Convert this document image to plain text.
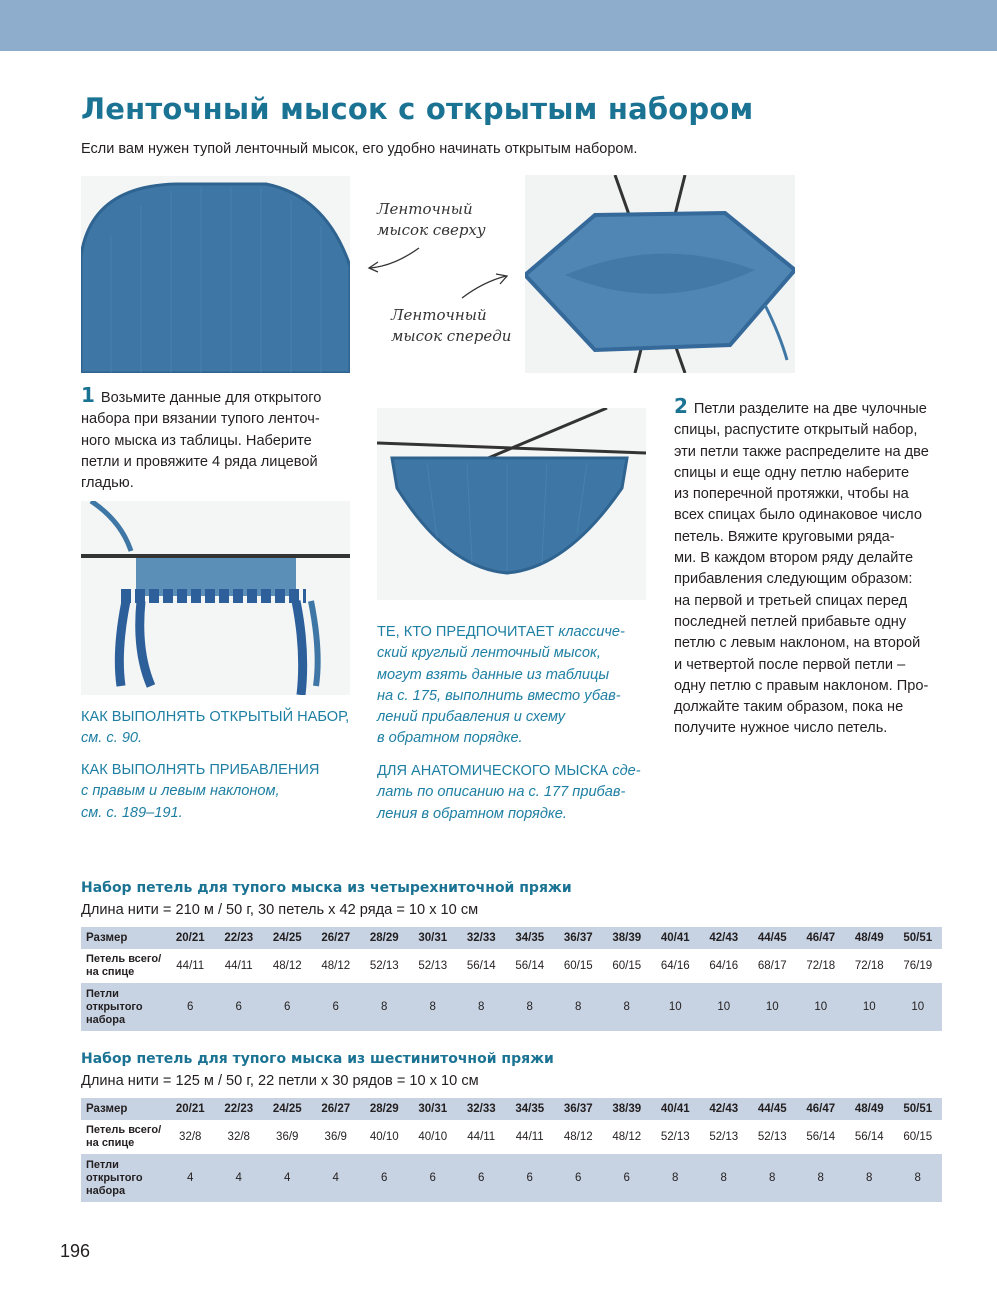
Ленточный мысок с открытым набором
Если вам нужен тупой ленточный мысок, его удобно начинать открытым набором.
Ленточный
мысок сверху
Ленточный
мысок спереди
1 Возьмите данные для открытого
набора при вязании тупого ленточ-
ного мыска из таблицы. Наберите
петли и провяжите 4 ряда лицевой
гладью.
КАК ВЫПОЛНЯТЬ ОТКРЫТЫЙ НАБОР,
см. с. 90.
КАК ВЫПОЛНЯТЬ ПРИБАВЛЕНИЯ
с правым и левым наклоном,
см. с. 189–191.
ТЕ, КТО ПРЕДПОЧИТАЕТ классиче-
ский круглый ленточный мысок,
могут взять данные из таблицы
на с. 175, выполнить вместо убав-
лений прибавления и схему
в обратном порядке.
ДЛЯ АНАТОМИЧЕСКОГО МЫСКА сде-
лать по описанию на с. 177 прибав-
ления в обратном порядке.
2 Петли разделите на две чулочные
спицы, распустите открытый набор,
эти петли также распределите на две
спицы и еще одну петлю наберите
из поперечной протяжки, чтобы на
всех спицах было одинаковое число
петель. Вяжите круговыми ряда-
ми. В каждом втором ряду делайте
прибавления следующим образом:
на первой и третьей спицах перед
последней петлей прибавьте одну
петлю с левым наклоном, на второй
и четвертой после первой петли –
одну петлю с правым наклоном. Про-
должайте таким образом, пока не
получите нужное число петель.
Набор петель для тупого мыска из четырехниточной пряжи
Длина нити = 210 м / 50 г, 30 петель х 42 ряда = 10 х 10 см
Размер	20/21	22/23	24/25	26/27	28/29	30/31	32/33	34/35	36/37	38/39	40/41	42/43	44/45	46/47	48/49	50/51

Петель всего/
на спице	44/11	44/11	48/12	48/12	52/13	52/13	56/14	56/14	60/15	60/15	64/16	64/16	68/17	72/18	72/18	76/19

Петли
открытого
набора	6	6	6	6	8	8	8	8	8	8	10	10	10	10	10	10
Набор петель для тупого мыска из шестиниточной пряжи
Длина нити = 125 м / 50 г, 22 петли х 30 рядов = 10 х 10 см
Размер	20/21	22/23	24/25	26/27	28/29	30/31	32/33	34/35	36/37	38/39	40/41	42/43	44/45	46/47	48/49	50/51

Петель всего/
на спице	32/8	32/8	36/9	36/9	40/10	40/10	44/11	44/11	48/12	48/12	52/13	52/13	52/13	56/14	56/14	60/15

Петли
открытого
набора	4	4	4	4	6	6	6	6	6	6	8	8	8	8	8	8
196
